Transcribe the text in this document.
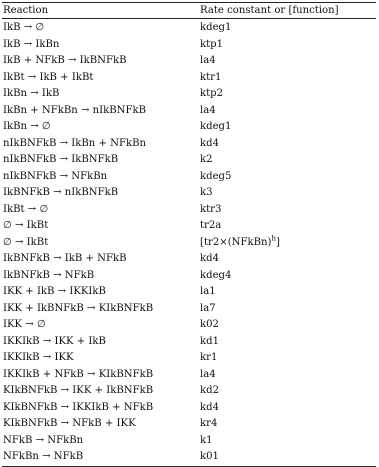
Reaction	Rate constant or [function]
IkB → ∅	kdeg1
IkB → IkBn	ktp1
IkB + NFkB → IkBNFkB	la4
IkBt → IkB + IkBt	ktr1
IkBn → IkB	ktp2
IkBn + NFkBn → nIkBNFkB	la4
IkBn → ∅	kdeg1
nIkBNFkB → IkBn + NFkBn	kd4
nIkBNFkB → IkBNFkB	k2
nIkBNFkB → NFkBn	kdeg5
IkBNFkB → nIkBNFkB	k3
IkBt → ∅	ktr3
∅ → IkBt	tr2a
∅ → IkBt	[tr2×(NFkBn)$^h$]
IkBNFkB → IkB + NFkB	kd4
IkBNFkB → NFkB	kdeg4
IKK + IkB → IKKIkB	la1
IKK + IkBNFkB → KIkBNFkB	la7
IKK → ∅	k02
IKKIkB → IKK + IkB	kd1
IKKIkB → IKK	kr1
IKKIkB + NFkB → KIkBNFkB	la4
KIkBNFkB → IKK + IkBNFkB	kd2
KIkBNFkB → IKKIkB + NFkB	kd4
KIkBNFkB → NFkB + IKK	kr4
NFkB → NFkBn	k1
NFkBn → NFkB	k01
